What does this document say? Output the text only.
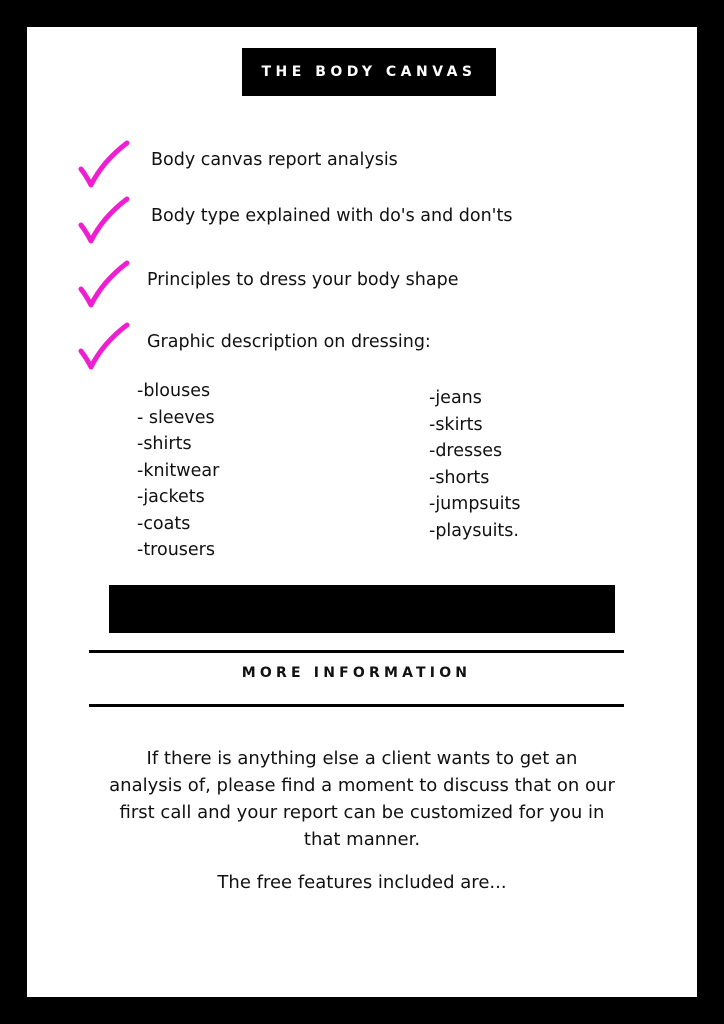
THE BODY CANVAS
Body canvas report analysis
Body type explained with do's and don'ts
Principles to dress your body shape
Graphic description on dressing:
-blouses
- sleeves
-shirts
-knitwear
-jackets
-coats
-trousers
-jeans
-skirts
-dresses
-shorts
-jumpsuits
-playsuits.
MORE INFORMATION
If there is anything else a client wants to get an analysis of, please find a moment to discuss that on our first call and your report can be customized for you in that manner.
The free features included are...
